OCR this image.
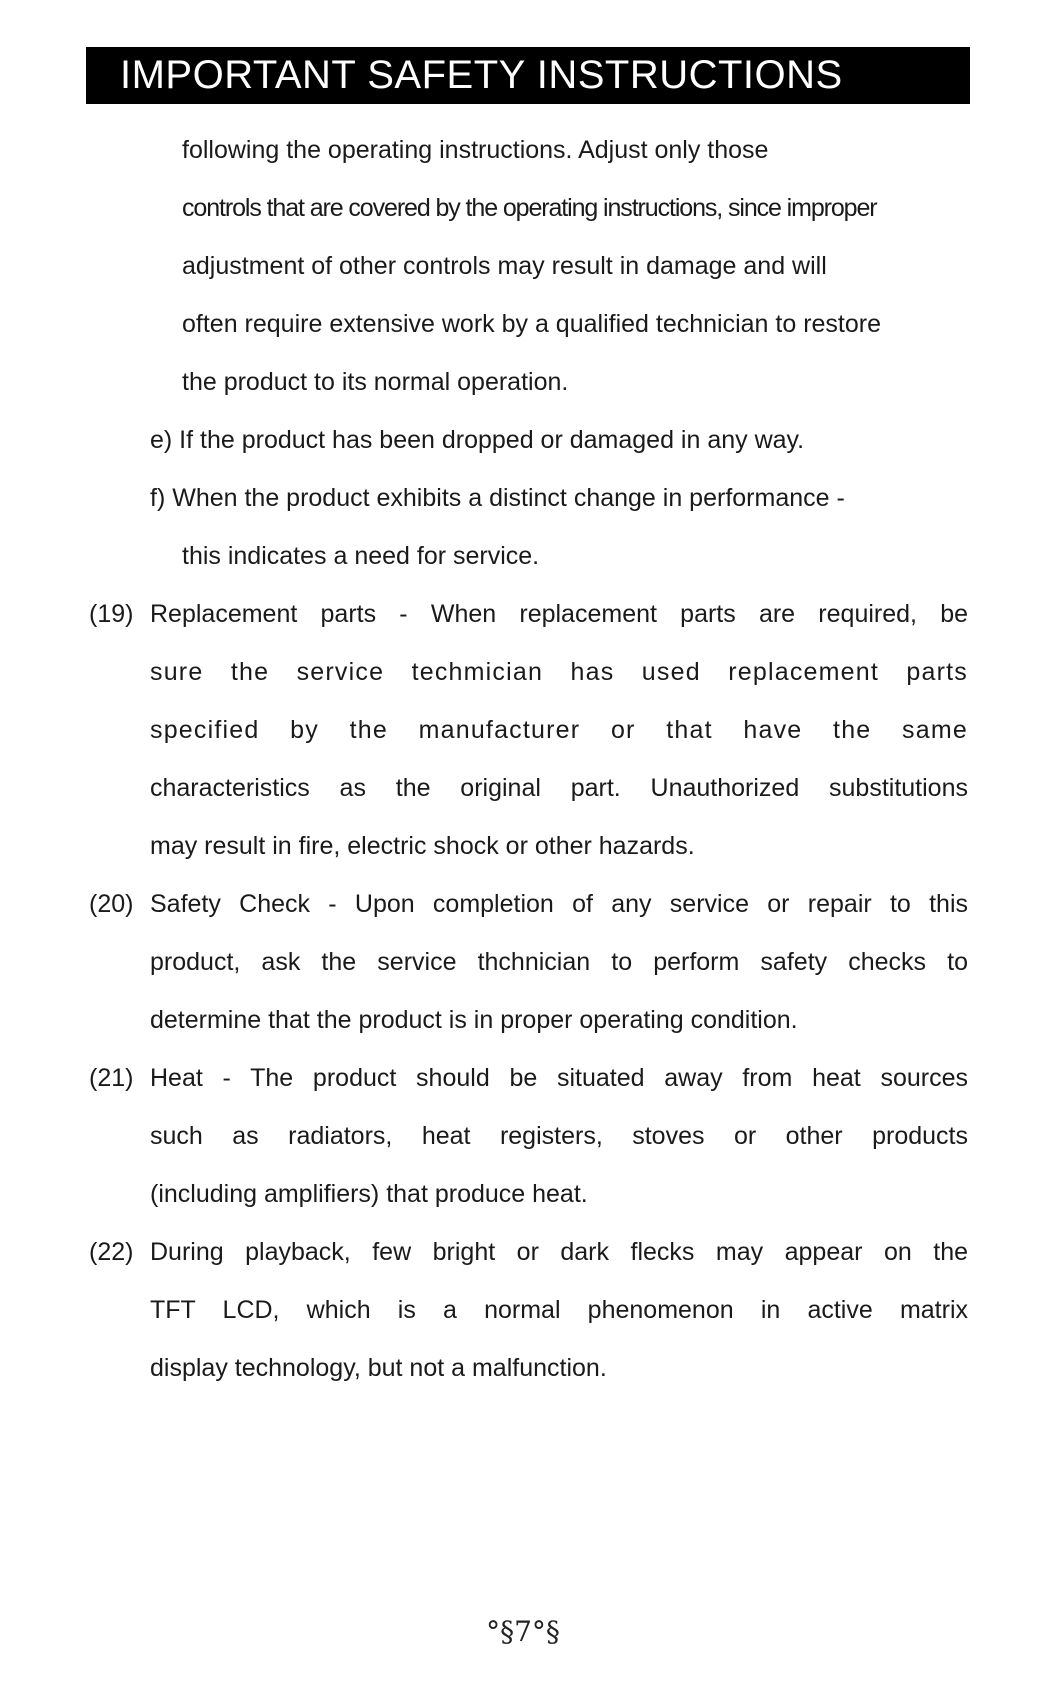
IMPORTANT SAFETY INSTRUCTIONS
following the operating instructions. Adjust only those
controls that are covered by the operating instructions, since improper
adjustment of other controls may result in damage and will
often require extensive work by a qualified technician to restore
the product to its normal operation.
e) If the product has been dropped or damaged in any way.
f) When the product exhibits a distinct change in performance -
this indicates a need for service.
(19) Replacement parts - When replacement parts are required, be
sure the service techmician has used replacement parts
specified by the manufacturer or that have the same
characteristics as the original part. Unauthorized substitutions
may result in fire, electric shock or other hazards.
(20) Safety Check - Upon completion of any service or repair to this
product, ask the service thchnician to perform safety checks to
determine that the product is in proper operating condition.
(21) Heat - The product should be situated away from heat sources
such as radiators, heat registers, stoves or other products
(including amplifiers) that produce heat.
(22) During playback, few bright or dark flecks may appear on the
TFT LCD, which is a normal phenomenon in active matrix
display technology, but not a malfunction.
°§7°§
